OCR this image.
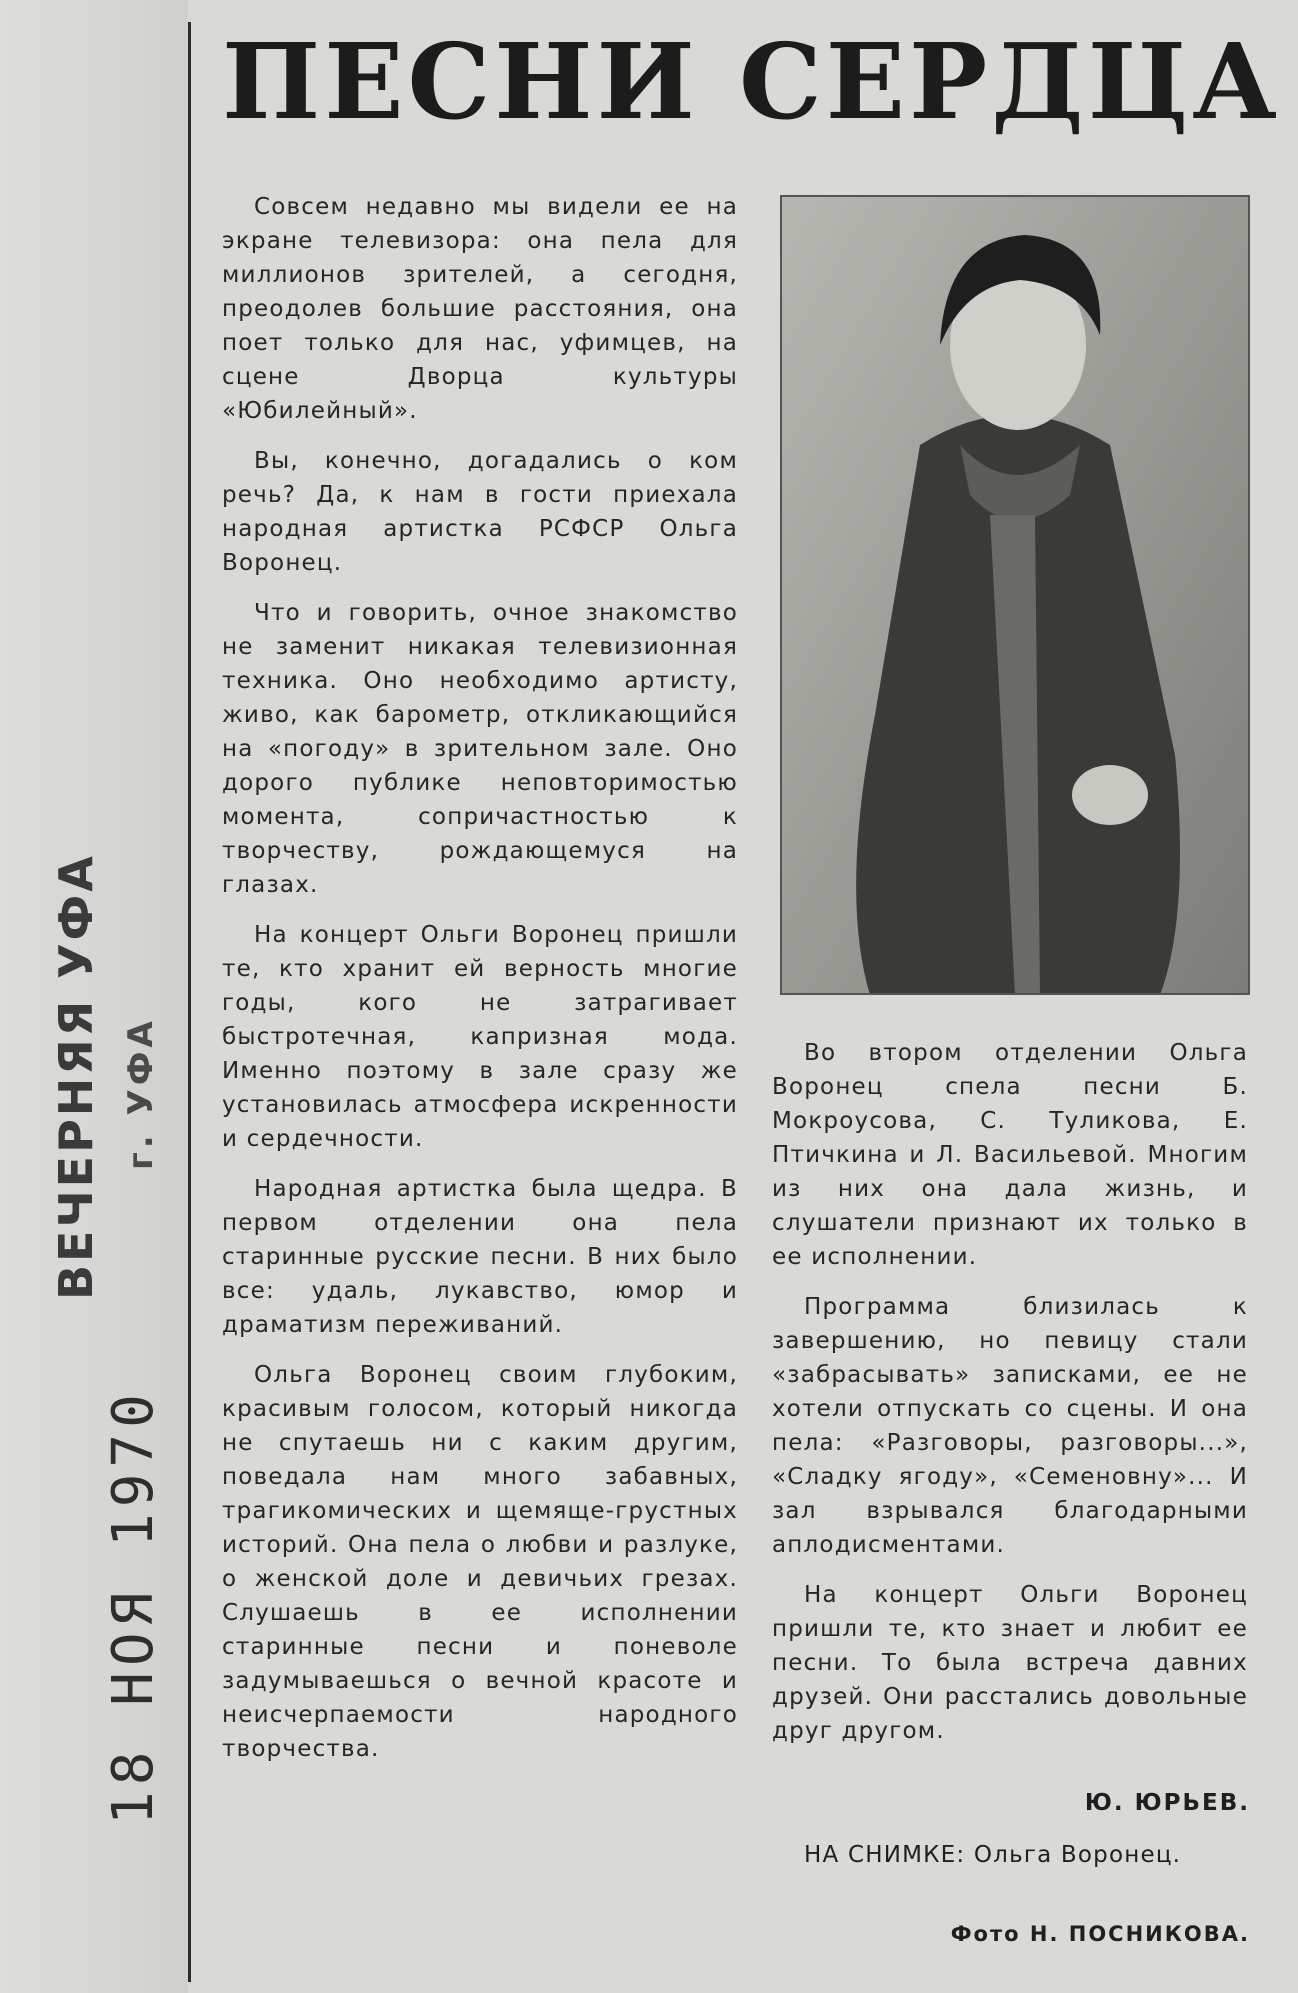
ВЕЧЕРНЯЯ УФА г. УФА
18 НОЯ 1970
ПЕСНИ СЕРДЦА

Совсем недавно мы видели ее на экране телевизора: она пела для миллионов зрителей, а сегодня, преодолев большие расстояния, она поет только для нас, уфимцев, на сцене Дворца культуры «Юбилейный».

Вы, конечно, догадались о ком речь? Да, к нам в гости приехала народная артистка РСФСР Ольга Воронец.

Что и говорить, очное знакомство не заменит никакая телевизионная техника. Оно необходимо артисту, живо, как барометр, откликающийся на «погоду» в зрительном зале. Оно дорого публике неповторимостью момента, сопричастностью к творчеству, рождающемуся на глазах.

На концерт Ольги Воронец пришли те, кто хранит ей верность многие годы, кого не затрагивает быстротечная, капризная мода. Именно поэтому в зале сразу же установилась атмосфера искренности и сердечности.

Народная артистка была щедра. В первом отделении она пела старинные русские песни. В них было все: удаль, лукавство, юмор и драматизм переживаний.

Ольга Воронец своим глубоким, красивым голосом, который никогда не спутаешь ни с каким другим, поведала нам много забавных, трагикомических и щемяще-грустных историй. Она пела о любви и разлуке, о женской доле и девичьих грезах. Слушаешь в ее исполнении старинные песни и поневоле задумываешься о вечной красоте и неисчерпаемости народного творчества.

Во втором отделении Ольга Воронец спела песни Б. Мокроусова, С. Туликова, Е. Птичкина и Л. Васильевой. Многим из них она дала жизнь, и слушатели признают их только в ее исполнении.

Программа близилась к завершению, но певицу стали «забрасывать» записками, ее не хотели отпускать со сцены. И она пела: «Разговоры, разговоры...», «Сладку ягоду», «Семеновну»... И зал взрывался благодарными аплодисментами.

На концерт Ольги Воронец пришли те, кто знает и любит ее песни. То была встреча давних друзей. Они расстались довольные друг другом.

Ю. ЮРЬЕВ.

НА СНИМКЕ: Ольга Воронец.

Фото Н. ПОСНИКОВА.
